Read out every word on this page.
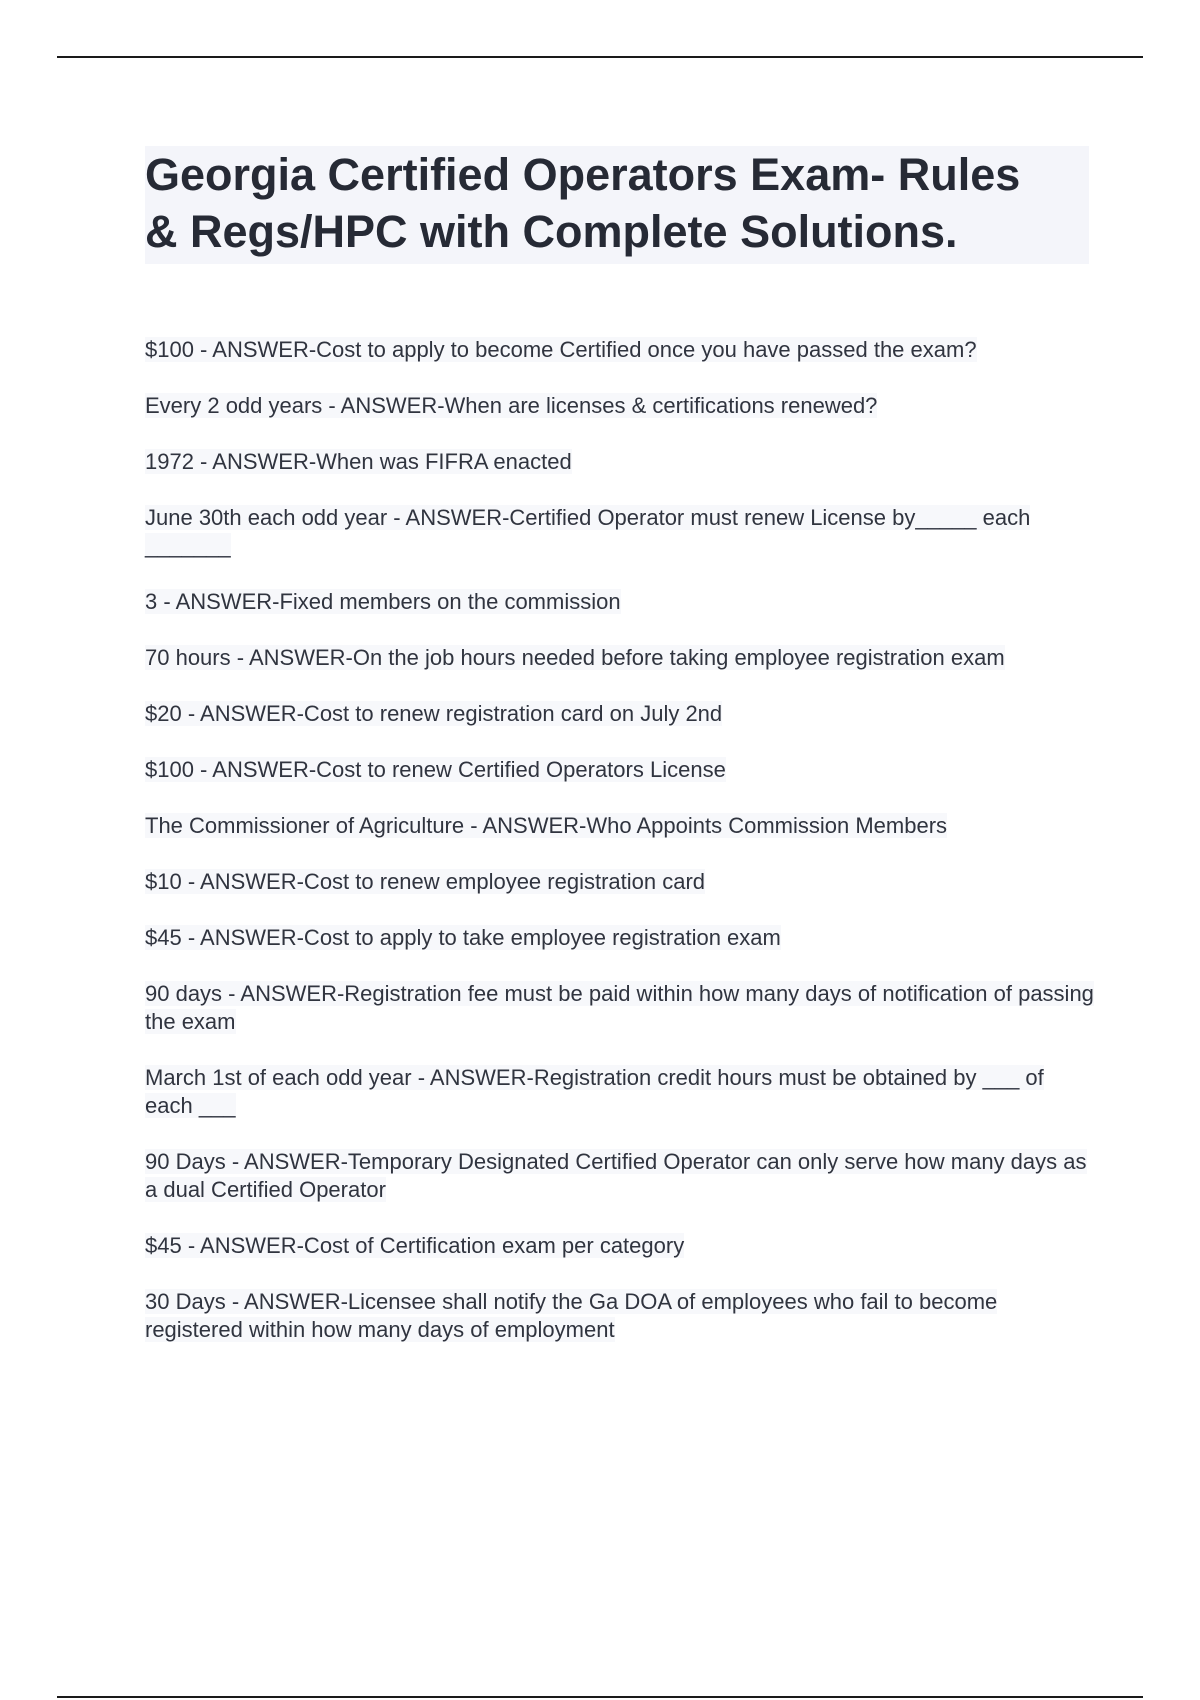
Georgia Certified Operators Exam- Rules
& Regs/HPC with Complete Solutions.
$100 - ANSWER-Cost to apply to become Certified once you have passed the exam?
Every 2 odd years - ANSWER-When are licenses & certifications renewed?
1972 - ANSWER-When was FIFRA enacted
June 30th each odd year - ANSWER-Certified Operator must renew License by_____ each _______
3 - ANSWER-Fixed members on the commission
70 hours - ANSWER-On the job hours needed before taking employee registration exam
$20 - ANSWER-Cost to renew registration card on July 2nd
$100 - ANSWER-Cost to renew Certified Operators License
The Commissioner of Agriculture - ANSWER-Who Appoints Commission Members
$10 - ANSWER-Cost to renew employee registration card
$45 - ANSWER-Cost to apply to take employee registration exam
90 days - ANSWER-Registration fee must be paid within how many days of notification of passing the exam
March 1st of each odd year - ANSWER-Registration credit hours must be obtained by ___ of each ___
90 Days - ANSWER-Temporary Designated Certified Operator can only serve how many days as a dual Certified Operator
$45 - ANSWER-Cost of Certification exam per category
30 Days - ANSWER-Licensee shall notify the Ga DOA of employees who fail to become registered within how many days of employment
